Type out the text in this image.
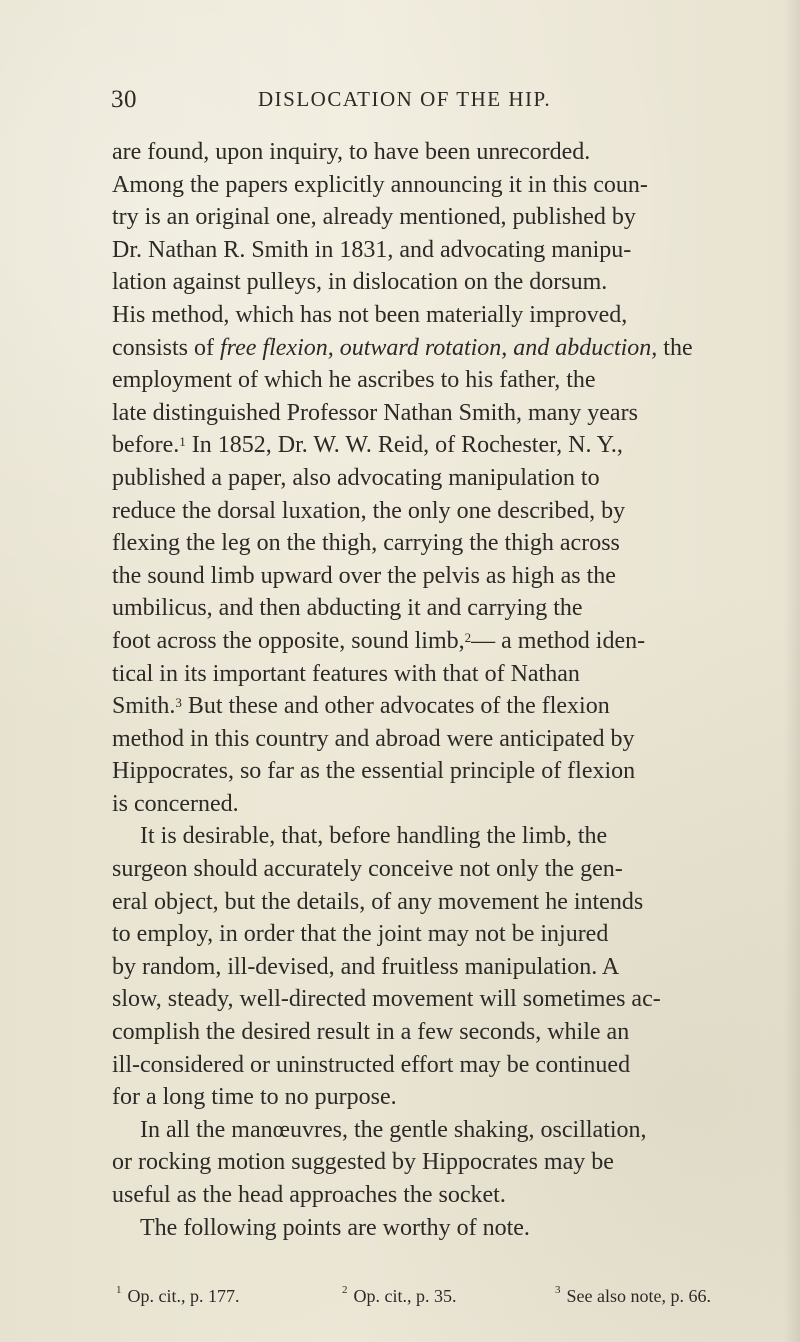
30	DISLOCATION OF THE HIP.
are found, upon inquiry, to have been unrecorded.
Among the papers explicitly announcing it in this coun-
try is an original one, already mentioned, published by
Dr. Nathan R. Smith in 1831, and advocating manipu-
lation against pulleys, in dislocation on the dorsum.
His method, which has not been materially improved,
consists of free flexion, outward rotation, and abduction, the
employment of which he ascribes to his father, the
late distinguished Professor Nathan Smith, many years
before.$^1$ In 1852, Dr. W. W. Reid, of Rochester, N. Y.,
published a paper, also advocating manipulation to
reduce the dorsal luxation, the only one described, by
flexing the leg on the thigh, carrying the thigh across
the sound limb upward over the pelvis as high as the
umbilicus, and then abducting it and carrying the
foot across the opposite, sound limb,$^2$— a method iden-
tical in its important features with that of Nathan
Smith.$^3$ But these and other advocates of the flexion
method in this country and abroad were anticipated by
Hippocrates, so far as the essential principle of flexion
is concerned.
It is desirable, that, before handling the limb, the
surgeon should accurately conceive not only the gen-
eral object, but the details, of any movement he intends
to employ, in order that the joint may not be injured
by random, ill-devised, and fruitless manipulation. A
slow, steady, well-directed movement will sometimes ac-
complish the desired result in a few seconds, while an
ill-considered or uninstructed effort may be continued
for a long time to no purpose.
In all the manœuvres, the gentle shaking, oscillation,
or rocking motion suggested by Hippocrates may be
useful as the head approaches the socket.
The following points are worthy of note.
$^1$ Op. cit., p. 177.	$^2$ Op. cit., p. 35.	$^3$ See also note, p. 66.
